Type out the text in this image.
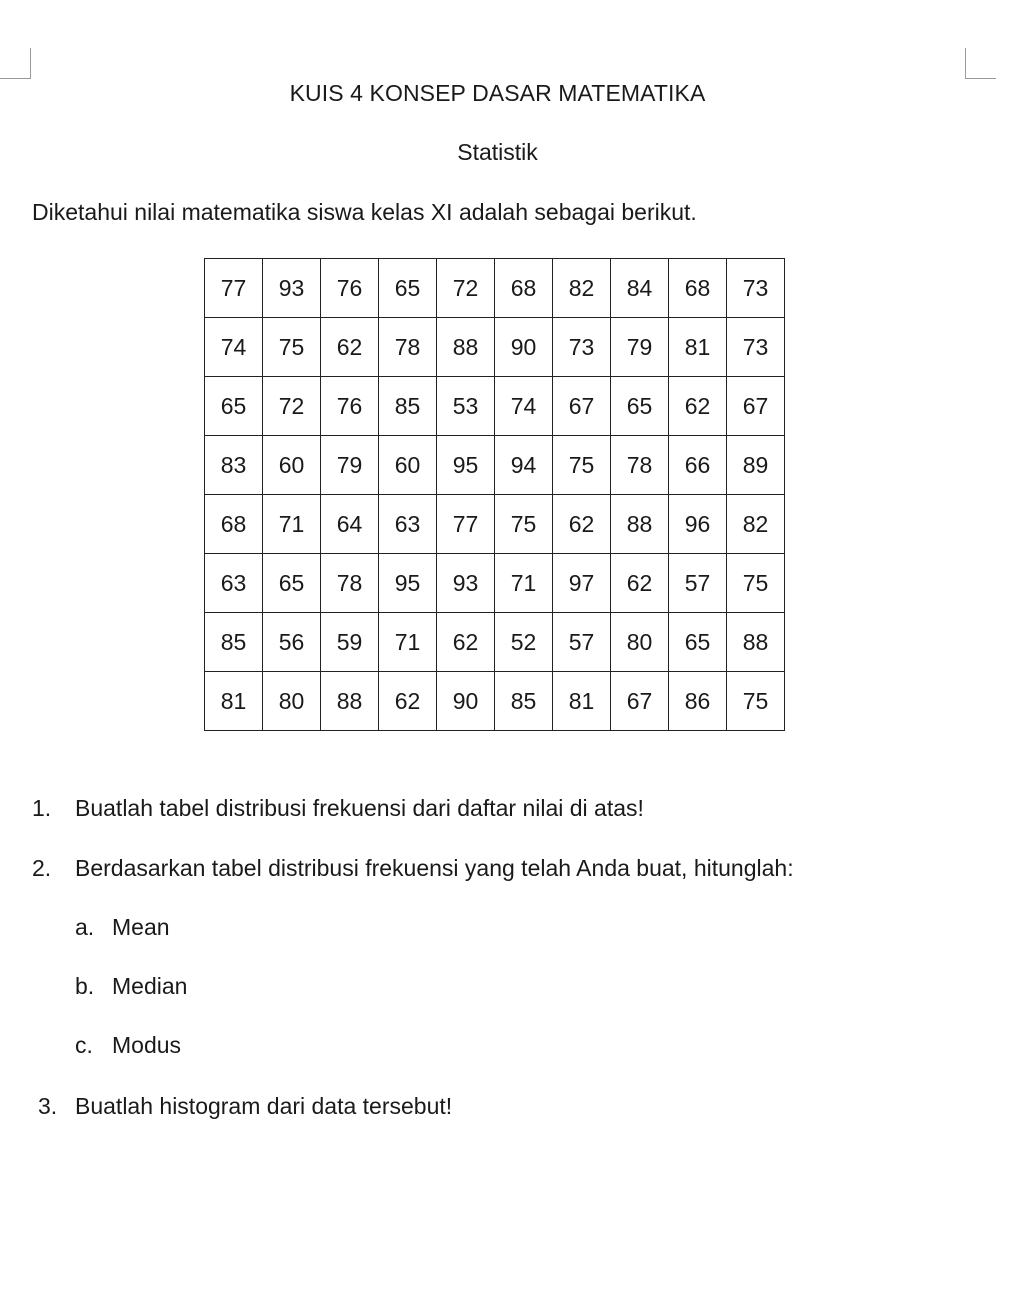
KUIS 4 KONSEP DASAR MATEMATIKA
Statistik
Diketahui nilai matematika siswa kelas XI adalah sebagai berikut.
77	93	76	65	72	68	82	84	68	73
74	75	62	78	88	90	73	79	81	73
65	72	76	85	53	74	67	65	62	67
83	60	79	60	95	94	75	78	66	89
68	71	64	63	77	75	62	88	96	82
63	65	78	95	93	71	97	62	57	75
85	56	59	71	62	52	57	80	65	88
81	80	88	62	90	85	81	67	86	75
1. Buatlah tabel distribusi frekuensi dari daftar nilai di atas!
2. Berdasarkan tabel distribusi frekuensi yang telah Anda buat, hitunglah:
a. Mean
b. Median
c. Modus
3. Buatlah histogram dari data tersebut!
